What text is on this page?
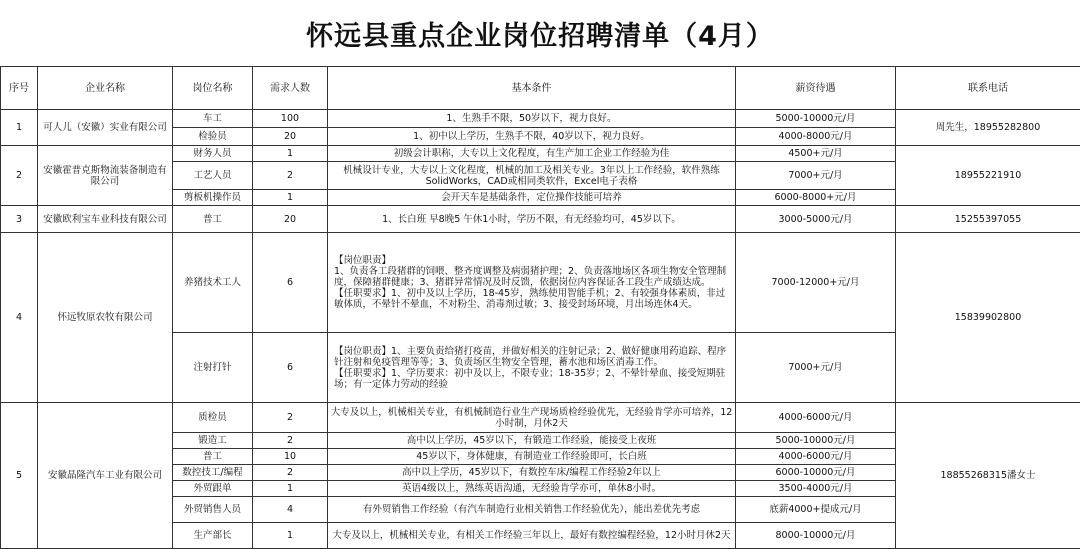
怀远县重点企业岗位招聘清单（4月）
序号	企业名称	岗位名称	需求人数	基本条件	薪资待遇	联系电话
1	可人儿（安徽）实业有限公司	车工	100	1、生熟手不限，50岁以下，视力良好。	5000-10000元/月	周先生，18955282800
		检验员	20	1、初中以上学历，生熟手不限，40岁以下，视力良好。	4000-8000元/月	
2	安徽霍普克斯物流装备制造有限公司	财务人员	1	初级会计职称，大专以上文化程度，有生产加工企业工作经验为佳	4500+元/月	18955221910
		工艺人员	2	机械设计专业，大专以上文化程度，机械的加工及相关专业。3年以上工作经验，软件熟练SolidWorks，CAD或相同类软件，Excel电子表格	7000+元/月	
		剪板机操作员	1	会开天车是基础条件，定位操作技能可培养	6000-8000+元/月	
3	安徽欧利宝车业科技有限公司	普工	20	1、长白班 早8晚5 午休1小时，学历不限，有无经验均可，45岁以下。	3000-5000元/月	15255397055
4	怀远牧原农牧有限公司	养猪技术工人	6	【岗位职责】
1、负责各工段猪群的饲喂、整齐度调整及病弱猪护理；2、负责落地场区各项生物安全管理制度，保障猪群健康；3、猪群异常情况及时反馈，依据岗位内容保证各工段生产成绩达成。
【任职要求】1、初中及以上学历，18-45岁，熟练使用智能手机；2、有较强身体素质，非过敏体质，不晕针不晕血，不对粉尘、消毒剂过敏；3、接受封场环境，月出场连休4天。	7000-12000+元/月	15839902800
		注射打针	6	【岗位职责】1、主要负责给猪打疫苗，并做好相关的注射记录；2、做好健康用药追踪、程序针注射和免疫管理等等；3、负责场区生物安全管理，蓄水池和场区消毒工作。
【任职要求】1、学历要求：初中及以上，不限专业；18-35岁；2、不晕针晕血、接受短期驻场；有一定体力劳动的经验	7000+元/月	
5	安徽晶隆汽车工业有限公司	质检员	2	大专及以上，机械相关专业，有机械制造行业生产现场质检经验优先，无经验肯学亦可培养，12小时制，月休2天	4000-6000元/月	18855268315潘女士
		锻造工	2	高中以上学历，45岁以下，有锻造工作经验，能接受上夜班	5000-10000元/月	
		普工	10	45岁以下，身体健康，有制造业工作经验即可，长白班	4000-6000元/月	
		数控技工/编程	2	高中以上学历，45岁以下，有数控车床/编程工作经验2年以上	6000-10000元/月	
		外贸跟单	1	英语4级以上，熟练英语沟通，无经验肯学亦可，单休8小时。	3500-4000元/月	
		外贸销售人员	4	有外贸销售工作经验（有汽车制造行业相关销售工作经验优先），能出差优先考虑	底薪4000+提成元/月	
		生产部长	1	大专及以上，机械相关专业，有相关工作经验三年以上，最好有数控编程经验，12小时月休2天	8000-10000元/月	
